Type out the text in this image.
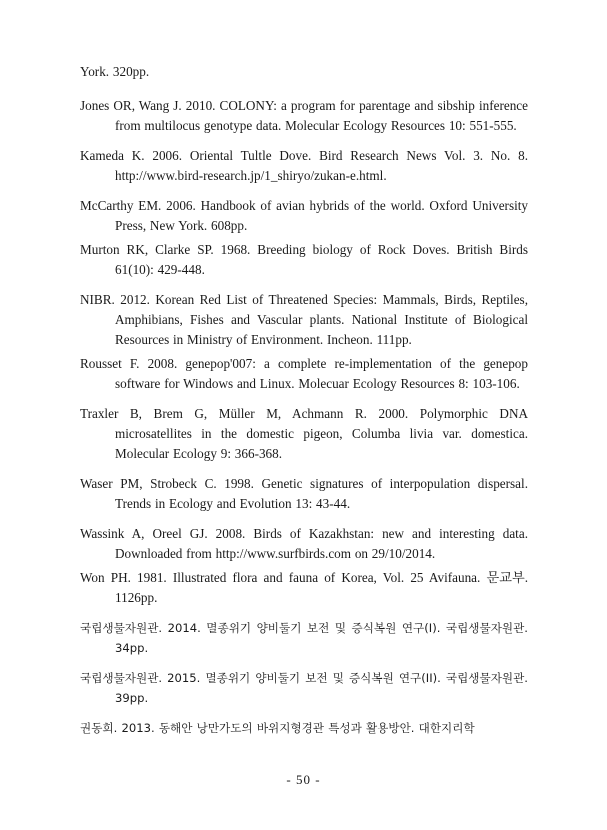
York. 320pp.
Jones OR, Wang J. 2010. COLONY: a program for parentage and sibship inference from multilocus genotype data. Molecular Ecology Resources 10: 551-555.
Kameda K. 2006. Oriental Tultle Dove. Bird Research News Vol. 3. No. 8. http://www.bird-research.jp/1_shiryo/zukan-e.html.
McCarthy EM. 2006. Handbook of avian hybrids of the world. Oxford University Press, New York. 608pp.
Murton RK, Clarke SP. 1968. Breeding biology of Rock Doves. British Birds 61(10): 429-448.
NIBR. 2012. Korean Red List of Threatened Species: Mammals, Birds, Reptiles, Amphibians, Fishes and Vascular plants. National Institute of Biological Resources in Ministry of Environment. Incheon. 111pp.
Rousset F. 2008. genepop'007: a complete re-implementation of the genepop software for Windows and Linux. Molecuar Ecology Resources 8: 103-106.
Traxler B, Brem G, Müller M, Achmann R. 2000. Polymorphic DNA microsatellites in the domestic pigeon, Columba livia var. domestica. Molecular Ecology 9: 366-368.
Waser PM, Strobeck C. 1998. Genetic signatures of interpopulation dispersal. Trends in Ecology and Evolution 13: 43-44.
Wassink A, Oreel GJ. 2008. Birds of Kazakhstan: new and interesting data. Downloaded from http://www.surfbirds.com on 29/10/2014.
Won PH. 1981. Illustrated flora and fauna of Korea, Vol. 25 Avifauna. 문교부. 1126pp.
국립생물자원관. 2014. 멸종위기 양비둘기 보전 및 증식복원 연구(I). 국립생물자원관. 34pp.
국립생물자원관. 2015. 멸종위기 양비둘기 보전 및 증식복원 연구(II). 국립생물자원관. 39pp.
권동희. 2013. 동해안 낭만가도의 바위지형경관 특성과 활용방안. 대한지리학
- 50 -
